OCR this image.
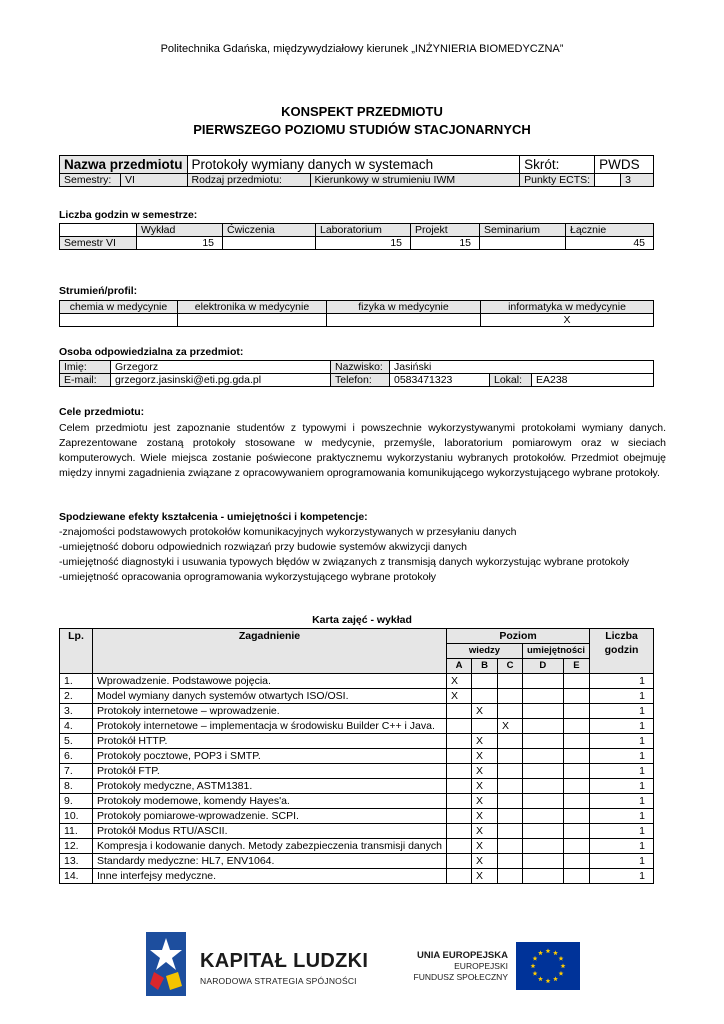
Politechnika Gdańska, międzywydziałowy kierunek „INŻYNIERIA BIOMEDYCZNA”
KONSPEKT PRZEDMIOTU
PIERWSZEGO POZIOMU STUDIÓW STACJONARNYCH
Nazwa przedmiotu	Protokoły wymiany danych w systemach		Skrót:	PWDS	
Semestry: VI	Rodzaj przedmiotu:	Kierunkowy w strumieniu IWM	Punkty ECTS:		3
Liczba godzin w semestrze:
	Wykład	Ćwiczenia	Laboratorium	Projekt	Seminarium	Łącznie
Semestr VI	15		15	15		45
Strumień/profil:
chemia w medycynie	elektronika w medycynie	fizyka w medycynie	informatyka w medycynie
			X
Osoba odpowiedzialna za przedmiot:
Imię:	Grzegorz	Nazwisko:	Jasiński		
E-mail:	grzegorz.jasinski@eti.pg.gda.pl	Telefon:	0583471323	Lokal:	EA238
Cele przedmiotu:
Celem przedmiotu jest zapoznanie studentów z typowymi i powszechnie wykorzystywanymi protokołami wymiany danych. Zaprezentowane zostaną protokoły stosowane w medycynie, przemyśle, laboratorium pomiarowym oraz w sieciach komputerowych. Wiele miejsca zostanie poświecone praktycznemu wykorzystaniu wybranych protokołów. Przedmiot obejmuję między innymi zagadnienia związane z opracowywaniem oprogramowania komunikującego wykorzystującego wybrane protokoły.
Spodziewane efekty kształcenia - umiejętności i kompetencje:
-znajomości podstawowych protokołów komunikacyjnych wykorzystywanych w przesyłaniu danych
-umiejętność doboru odpowiednich rozwiązań przy budowie systemów akwizycji danych
-umiejętność diagnostyki i usuwania typowych błędów w związanych z transmisją danych wykorzystując wybrane protokoły
-umiejętność opracowania oprogramowania wykorzystującego wybrane protokoły
Karta zajęć - wykład
Lp.	Zagadnienie	Poziom					Liczba godzin
		wiedzy			umiejętności		
		A	B	C	D	E	
1.	Wprowadzenie. Podstawowe pojęcia.	X					1
2.	Model wymiany danych systemów otwartych ISO/OSI.	X					1
3.	Protokoły internetowe – wprowadzenie.		X				1
4.	Protokoły internetowe – implementacja w środowisku Builder C++ i Java.			X			1
5.	Protokół HTTP.		X				1
6.	Protokoły pocztowe, POP3 i SMTP.		X				1
7.	Protokół FTP.		X				1
8.	Protokoły medyczne, ASTM1381.		X				1
9.	Protokoły modemowe, komendy Hayes'a.		X				1
10.	Protokoły pomiarowe-wprowadzenie. SCPI.		X				1
11.	Protokół Modus RTU/ASCII.		X				1
12.	Kompresja i kodowanie danych. Metody zabezpieczenia transmisji danych		X				1
13.	Standardy medyczne: HL7, ENV1064.		X				1
14.	Inne interfejsy medyczne.		X				1
KAPITAŁ LUDZKI
NARODOWA STRATEGIA SPÓJNOŚCI
UNIA EUROPEJSKA
EUROPEJSKI
FUNDUSZ SPOŁECZNY
